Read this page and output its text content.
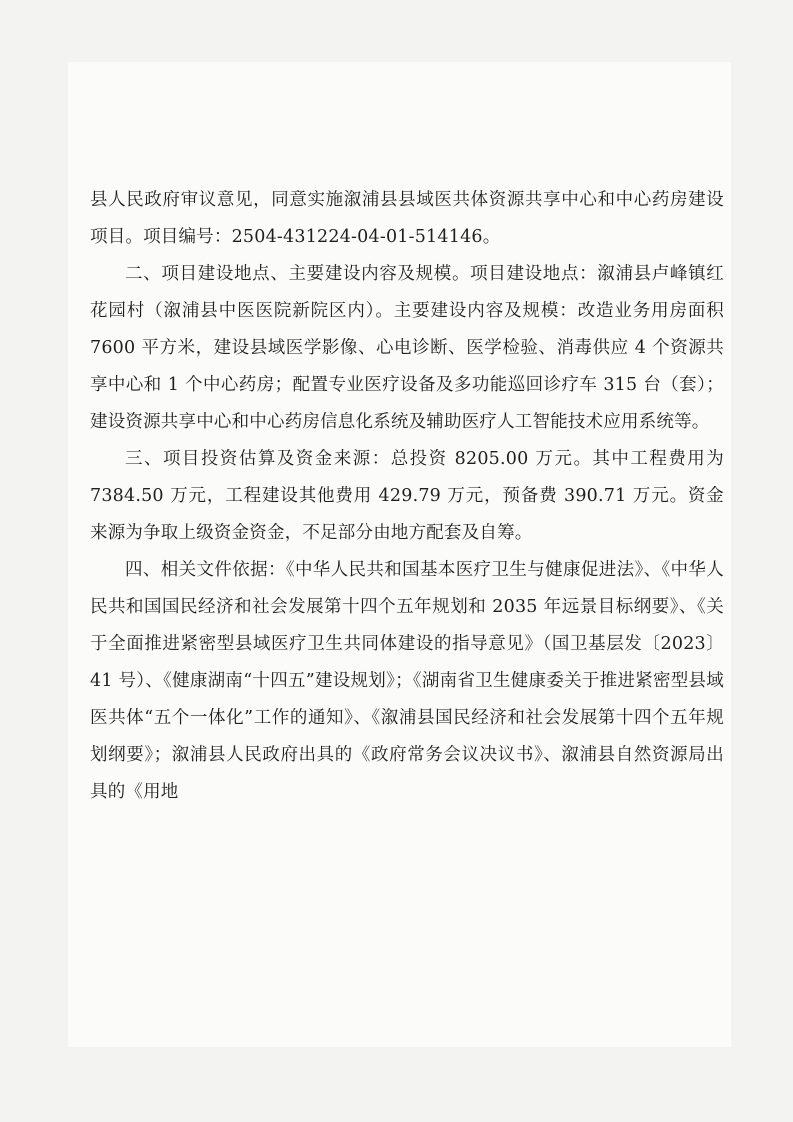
县人民政府审议意见，同意实施溆浦县县域医共体资源共享中心和中心药房建设项目。项目编号：2504-431224-04-01-514146。

二、项目建设地点、主要建设内容及规模。项目建设地点：溆浦县卢峰镇红花园村（溆浦县中医医院新院区内）。主要建设内容及规模：改造业务用房面积 7600 平方米，建设县域医学影像、心电诊断、医学检验、消毒供应 4 个资源共享中心和 1 个中心药房；配置专业医疗设备及多功能巡回诊疗车 315 台（套）；建设资源共享中心和中心药房信息化系统及辅助医疗人工智能技术应用系统等。

三、项目投资估算及资金来源：总投资 8205.00 万元。其中工程费用为 7384.50 万元，工程建设其他费用 429.79 万元，预备费 390.71 万元。资金来源为争取上级资金资金，不足部分由地方配套及自筹。

四、相关文件依据：《中华人民共和国基本医疗卫生与健康促进法》、《中华人民共和国国民经济和社会发展第十四个五年规划和 2035 年远景目标纲要》、《关于全面推进紧密型县域医疗卫生共同体建设的指导意见》（国卫基层发〔2023〕41 号）、《健康湖南“十四五”建设规划》；《湖南省卫生健康委关于推进紧密型县域医共体“五个一体化”工作的通知》、《溆浦县国民经济和社会发展第十四个五年规划纲要》；溆浦县人民政府出具的《政府常务会议决议书》、溆浦县自然资源局出具的《用地
